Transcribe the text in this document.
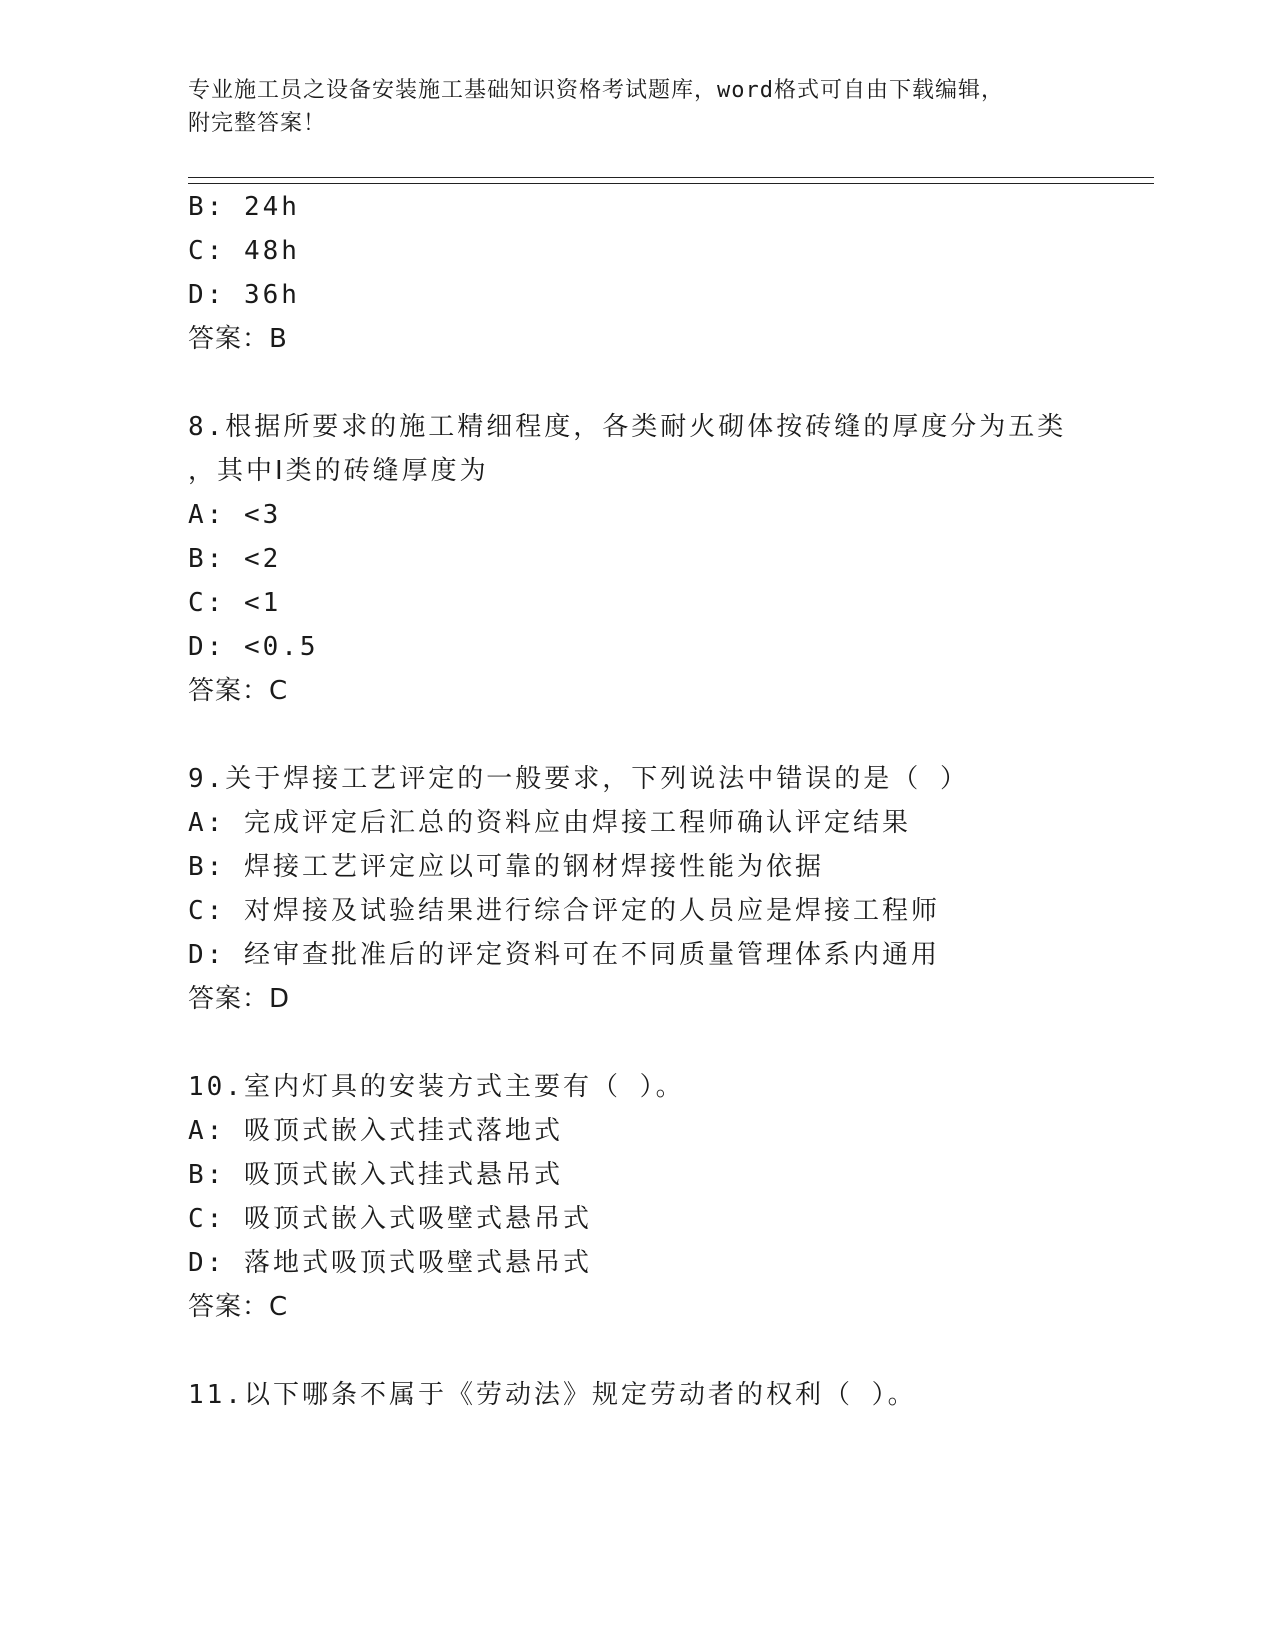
专业施工员之设备安装施工基础知识资格考试题库，word格式可自由下载编辑，
附完整答案！
B: 24h
C: 48h
D: 36h
答案：B
8.根据所要求的施工精细程度，各类耐火砌体按砖缝的厚度分为五类
，其中Ⅰ类的砖缝厚度为
A: <3
B: <2
C: <1
D: <0.5
答案：C
9.关于焊接工艺评定的一般要求，下列说法中错误的是（ ）
A: 完成评定后汇总的资料应由焊接工程师确认评定结果
B: 焊接工艺评定应以可靠的钢材焊接性能为依据
C: 对焊接及试验结果进行综合评定的人员应是焊接工程师
D: 经审查批准后的评定资料可在不同质量管理体系内通用
答案：D
10.室内灯具的安装方式主要有（ ）。
A: 吸顶式嵌入式挂式落地式
B: 吸顶式嵌入式挂式悬吊式
C: 吸顶式嵌入式吸壁式悬吊式
D: 落地式吸顶式吸壁式悬吊式
答案：C
11.以下哪条不属于《劳动法》规定劳动者的权利（ ）。
